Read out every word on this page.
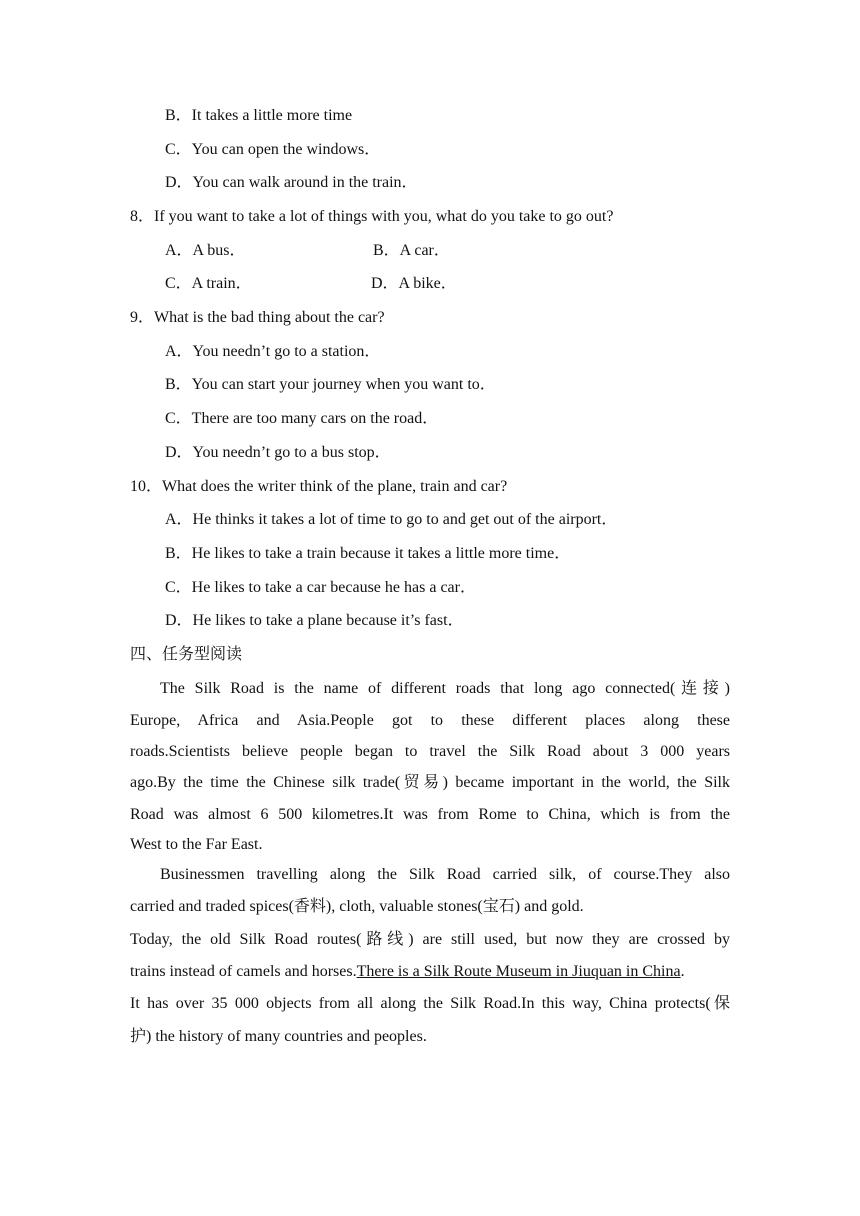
B．It takes a little more time
C．You can open the windows．
D．You can walk around in the train．
8．If you want to take a lot of things with you, what do you take to go out?
A．A bus．	B．A car．
C．A train．	D．A bike．
9．What is the bad thing about the car?
A．You needn’t go to a station．
B．You can start your journey when you want to．
C．There are too many cars on the road．
D．You needn’t go to a bus stop．
10．What does the writer think of the plane, train and car?
A．He thinks it takes a lot of time to go to and get out of the airport．
B．He likes to take a train because it takes a little more time．
C．He likes to take a car because he has a car．
D．He likes to take a plane because it’s fast．
四、任务型阅读
The Silk Road is the name of different roads that long ago connected(连接)
Europe, Africa and Asia.People got to these different places along these
roads.Scientists believe people began to travel the Silk Road about 3 000 years
ago.By the time the Chinese silk trade(贸易) became important in the world, the Silk
Road was almost 6 500 kilometres.It was from Rome to China, which is from the
West to the Far East.
Businessmen travelling along the Silk Road carried silk, of course.They also
carried and traded spices(香料), cloth, valuable stones(宝石) and gold.
Today, the old Silk Road routes(路线) are still used, but now they are crossed by
trains instead of camels and horses.There is a Silk Route Museum in Jiuquan in China.
It has over 35 000 objects from all along the Silk Road.In this way, China protects(保
护) the history of many countries and peoples.
